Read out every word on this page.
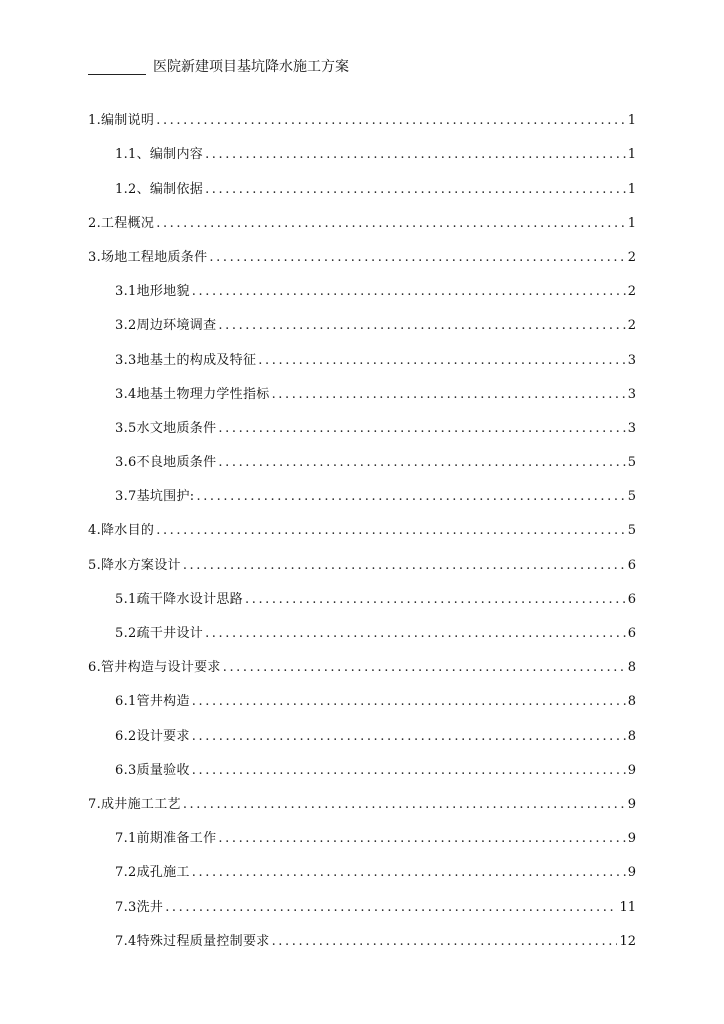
医院新建项目基坑降水施工方案
1.编制说明 .....	1
1.1、编制内容 .....	1
1.2、编制依据 .....	1
2.工程概况 .....	1
3.场地工程地质条件 .....	2
3.1地形地貌 .....	2
3.2周边环境调查 .....	2
3.3地基土的构成及特征 .....	3
3.4地基土物理力学性指标 .....	3
3.5水文地质条件 .....	3
3.6不良地质条件 .....	5
3.7基坑围护: .....	5
4.降水目的 .....	5
5.降水方案设计 .....	6
5.1疏干降水设计思路 .....	6
5.2疏干井设计 .....	6
6.管井构造与设计要求 .....	8
6.1管井构造 .....	8
6.2设计要求 .....	8
6.3质量验收 .....	9
7.成井施工工艺 .....	9
7.1前期准备工作 .....	9
7.2成孔施工 .....	9
7.3洗井 .....	11
7.4特殊过程质量控制要求 .....	12
